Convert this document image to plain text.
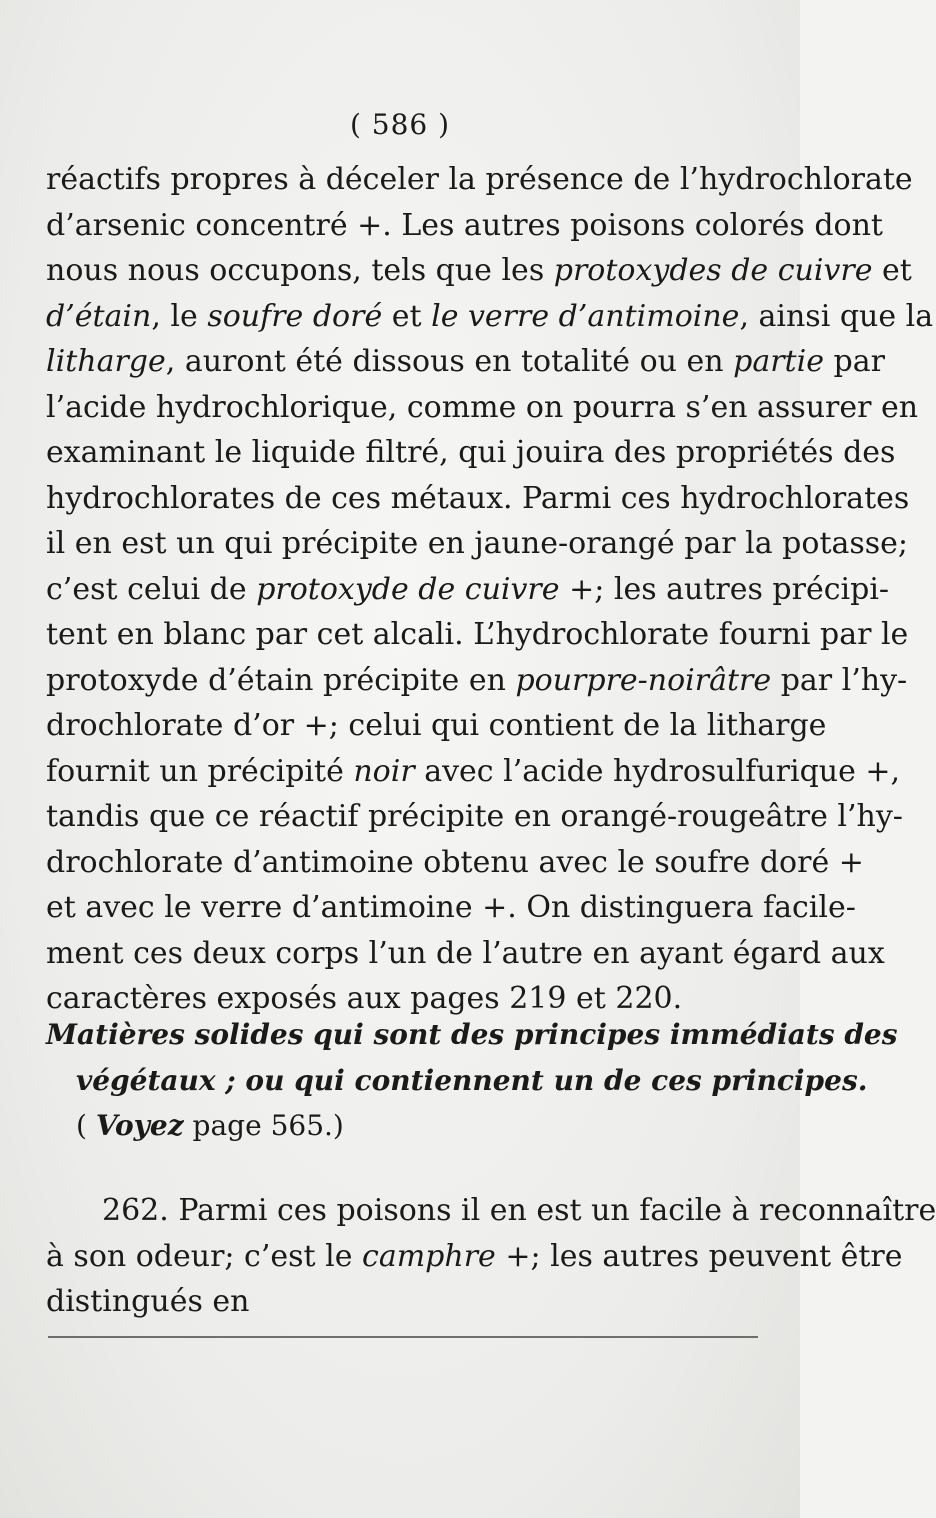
( 586 )
réactifs propres à déceler la présence de l’hydrochlorate
d’arsenic concentré +. Les autres poisons colorés dont
nous nous occupons, tels que les protoxydes de cuivre et
d’étain, le soufre doré et le verre d’antimoine, ainsi que la
litharge, auront été dissous en totalité ou en partie par
l’acide hydrochlorique, comme on pourra s’en assurer en
examinant le liquide filtré, qui jouira des propriétés des
hydrochlorates de ces métaux. Parmi ces hydrochlorates
il en est un qui précipite en jaune-orangé par la potasse;
c’est celui de protoxyde de cuivre +; les autres précipi-
tent en blanc par cet alcali. L’hydrochlorate fourni par le
protoxyde d’étain précipite en pourpre-noirâtre par l’hy-
drochlorate d’or +; celui qui contient de la litharge
fournit un précipité noir avec l’acide hydrosulfurique +,
tandis que ce réactif précipite en orangé-rougeâtre l’hy-
drochlorate d’antimoine obtenu avec le soufre doré +
et avec le verre d’antimoine +. On distinguera facile-
ment ces deux corps l’un de l’autre en ayant égard aux
caractères exposés aux pages 219 et 220.
Matières solides qui sont des principes immédiats des
végétaux ; ou qui contiennent un de ces principes.
( Voyez page 565.)
262. Parmi ces poisons il en est un facile à reconnaître
à son odeur; c’est le camphre +; les autres peuvent être
distingués en
